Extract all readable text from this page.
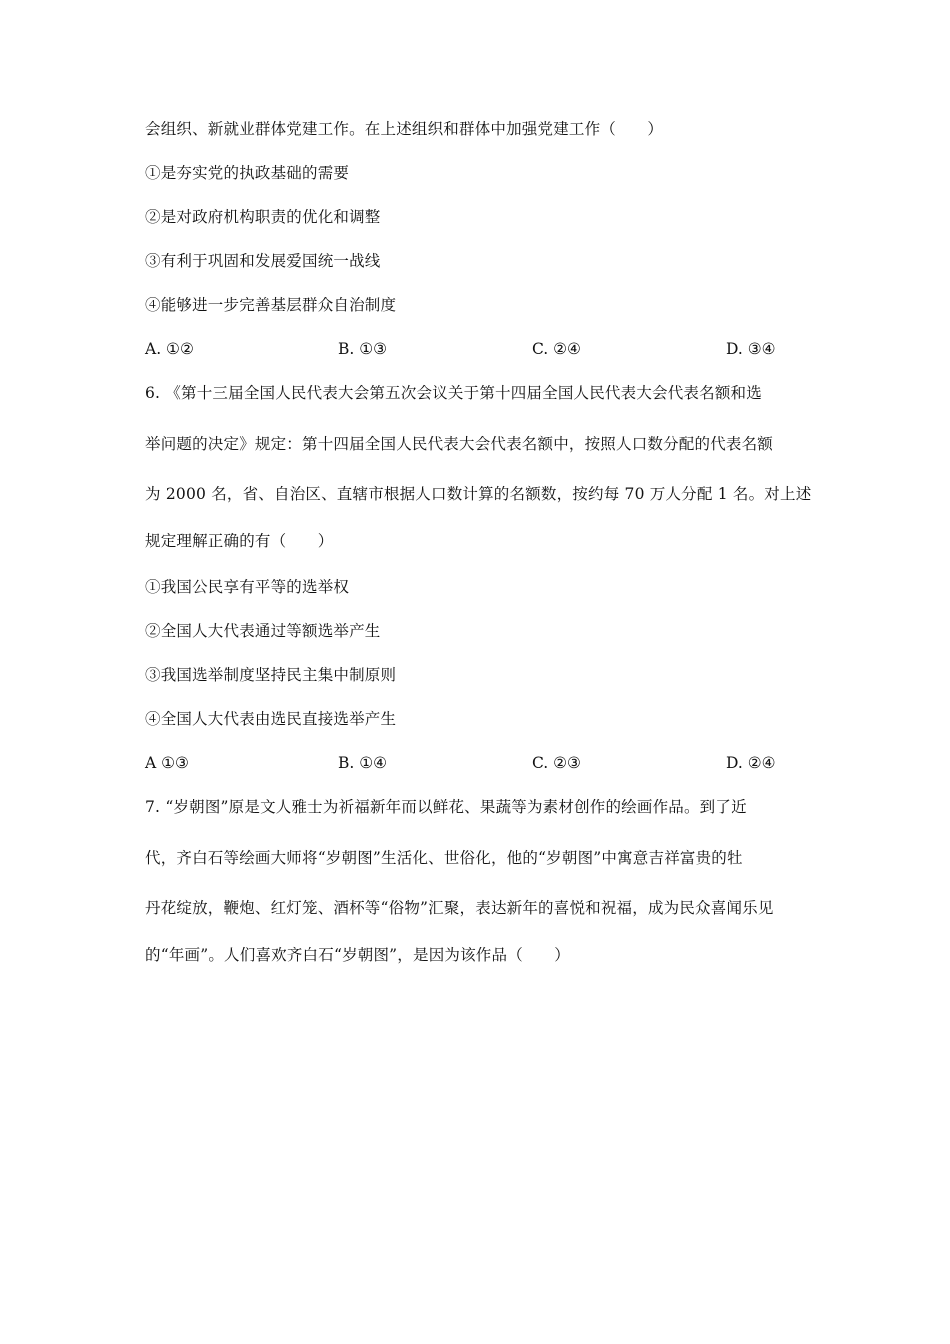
会组织、新就业群体党建工作。在上述组织和群体中加强党建工作（　　）
①是夯实党的执政基础的需要
②是对政府机构职责的优化和调整
③有利于巩固和发展爱国统一战线
④能够进一步完善基层群众自治制度
A. ①②	B. ①③	C. ②④	D. ③④
6. 《第十三届全国人民代表大会第五次会议关于第十四届全国人民代表大会代表名额和选
举问题的决定》规定：第十四届全国人民代表大会代表名额中，按照人口数分配的代表名额
为 2000 名，省、自治区、直辖市根据人口数计算的名额数，按约每 70 万人分配 1 名。对上述
规定理解正确的有（　　）
①我国公民享有平等的选举权
②全国人大代表通过等额选举产生
③我国选举制度坚持民主集中制原则
④全国人大代表由选民直接选举产生
A ①③	B. ①④	C. ②③	D. ②④
7. “岁朝图”原是文人雅士为祈福新年而以鲜花、果蔬等为素材创作的绘画作品。到了近
代，齐白石等绘画大师将“岁朝图”生活化、世俗化，他的“岁朝图”中寓意吉祥富贵的牡
丹花绽放，鞭炮、红灯笼、酒杯等“俗物”汇聚，表达新年的喜悦和祝福，成为民众喜闻乐见
的“年画”。人们喜欢齐白石“岁朝图”，是因为该作品（　　）
